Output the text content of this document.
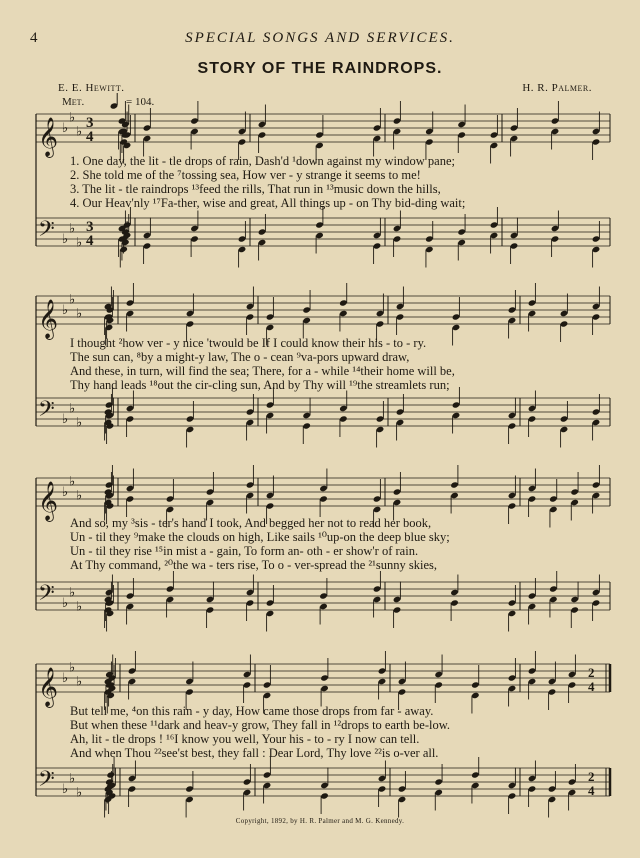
4	SPECIAL SONGS AND SERVICES.
STORY OF THE RAINDROPS.
E. E. Hewitt.	H. R. Palmer.
Met.	= 104.
𝄞 ♭
♭
♭ 3
4
𝄢 ♭
♭
♭
3
4
𝄞 ♭
♭
♭
𝄢 ♭
♭
♭
𝄞 ♭
♭
♭
𝄢 ♭
♭
♭
𝄞 ♭
♭
♭
2
4
𝄢 ♭
♭
♭
2
4
1. One day, the lit - tle drops of rain, Dash'd ¹down against my window pane;
2. She told me of the ⁷tossing sea, How ver - y strange it seems to me!
3. The lit - tle raindrops ¹³feed the rills, That run in ¹³music down the hills,
4. Our Heav'nly ¹⁷Fa-ther, wise and great, All things up - on Thy bid-ding wait;
I thought ²how ver - y nice 'twould be If I could know their his - to - ry.
The sun can, ⁸by a might-y law, The o - cean ⁹va-pors upward draw,
And these, in turn, will find the sea; There, for a - while ¹⁴their home will be,
Thy hand leads ¹⁸out the cir-cling sun, And by Thy will ¹⁹the streamlets run;
And so, my ³sis - ter's hand I took, And begged her not to read her book,
Un - til they ⁹make the clouds on high, Like sails ¹⁰up-on the deep blue sky;
Un - til they rise ¹⁵in mist a - gain, To form an- oth - er show'r of rain.
At Thy command, ²⁰the wa - ters rise, To o - ver-spread the ²¹sunny skies,
But tell me, ⁴on this rain - y day, How came those drops from far - away.
But when these ¹¹dark and heav-y grow, They fall in ¹²drops to earth be-low.
Ah, lit - tle drops ! ¹⁶I know you well, Your his - to - ry I now can tell.
And when Thou ²²see'st best, they fall : Dear Lord, Thy love ²²is o-ver all.
Copyright, 1892, by H. R. Palmer and M. G. Kennedy.
